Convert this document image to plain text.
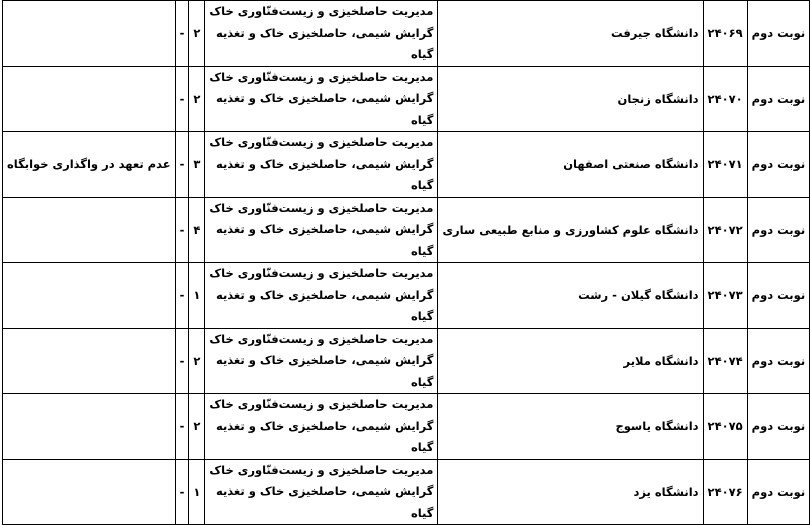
نوبت دوم	۲۴۰۶۹	دانشگاه جیرفت	مدیریت حاصلخیزی و زیست‌فنّاوری خاک
گرایش شیمی، حاصلخیزی خاک و تغذیه
گیاه	۲	-	
نوبت دوم	۲۴۰۷۰	دانشگاه زنجان	مدیریت حاصلخیزی و زیست‌فنّاوری خاک
گرایش شیمی، حاصلخیزی خاک و تغذیه
گیاه	۲	-	
نوبت دوم	۲۴۰۷۱	دانشگاه صنعتی اصفهان	مدیریت حاصلخیزی و زیست‌فنّاوری خاک
گرایش شیمی، حاصلخیزی خاک و تغذیه
گیاه	۳	-	عدم تعهد در واگذاری خوابگاه
نوبت دوم	۲۴۰۷۲	دانشگاه علوم کشاورزی و منابع طبیعی ساری	مدیریت حاصلخیزی و زیست‌فنّاوری خاک
گرایش شیمی، حاصلخیزی خاک و تغذیه
گیاه	۴	-	
نوبت دوم	۲۴۰۷۳	دانشگاه گیلان - رشت	مدیریت حاصلخیزی و زیست‌فنّاوری خاک
گرایش شیمی، حاصلخیزی خاک و تغذیه
گیاه	۱	-	
نوبت دوم	۲۴۰۷۴	دانشگاه ملایر	مدیریت حاصلخیزی و زیست‌فنّاوری خاک
گرایش شیمی، حاصلخیزی خاک و تغذیه
گیاه	۲	-	
نوبت دوم	۲۴۰۷۵	دانشگاه یاسوج	مدیریت حاصلخیزی و زیست‌فنّاوری خاک
گرایش شیمی، حاصلخیزی خاک و تغذیه
گیاه	۲	-	
نوبت دوم	۲۴۰۷۶	دانشگاه یزد	مدیریت حاصلخیزی و زیست‌فنّاوری خاک
گرایش شیمی، حاصلخیزی خاک و تغذیه
گیاه	۱	-	
